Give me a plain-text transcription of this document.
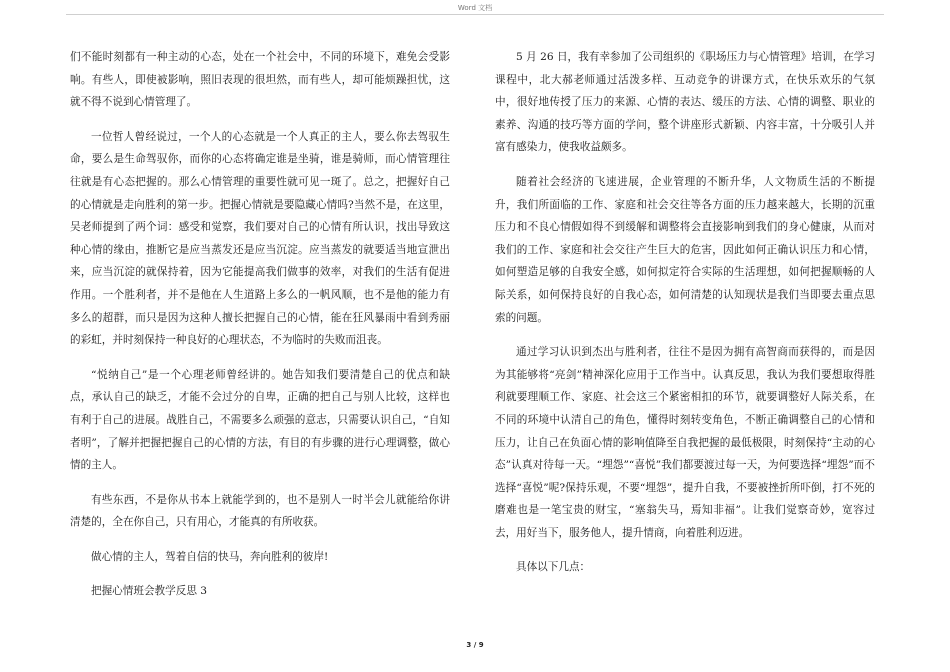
Word 文档

们不能时刻都有一种主动的心态，处在一个社会中，不同的环境下，难免会受影响。有些人，即使被影响，照旧表现的很坦然，而有些人，却可能烦躁担忧，这就不得不说到心情管理了。

一位哲人曾经说过，一个人的心态就是一个人真正的主人，要么你去驾驭生命，要么是生命驾驭你，而你的心态将确定谁是坐骑，谁是骑师，而心情管理往往就是有心态把握的。那么心情管理的重要性就可见一斑了。总之，把握好自己的心情就是走向胜利的第一步。把握心情就是要隐藏心情吗?当然不是，在这里，吴老师提到了两个词：感受和觉察，我们要对自己的心情有所认识，找出导致这种心情的缘由，推断它是应当蒸发还是应当沉淀。应当蒸发的就要适当地宣泄出来，应当沉淀的就保持着，因为它能提高我们做事的效率，对我们的生活有促进作用。一个胜利者，并不是他在人生道路上多么的一帆风顺，也不是他的能力有多么的超群，而只是因为这种人擅长把握自己的心情，能在狂风暴雨中看到秀丽的彩虹，并时刻保持一种良好的心理状态，不为临时的失败而沮丧。

“悦纳自己”是一个心理老师曾经讲的。她告知我们要清楚自己的优点和缺点，承认自己的缺乏，才能不会过分的自卑，正确的把自己与别人比较，这样也有利于自己的进展。战胜自己，不需要多么顽强的意志，只需要认识自己，“自知者明”，了解并把握把握自己的心情的方法，有目的有步骤的进行心理调整，做心情的主人。

有些东西，不是你从书本上就能学到的，也不是别人一时半会儿就能给你讲清楚的，全在你自己，只有用心，才能真的有所收获。

做心情的主人，驾着自信的快马，奔向胜利的彼岸!

把握心情班会教学反思 3

5 月 26 日，我有幸参加了公司组织的《职场压力与心情管理》培训，在学习课程中，北大郝老师通过活泼多样、互动竞争的讲课方式，在快乐欢乐的气氛中，很好地传授了压力的来源、心情的表达、缓压的方法、心情的调整、职业的素养、沟通的技巧等方面的学问，整个讲座形式新颖、内容丰富，十分吸引人并富有感染力，使我收益颇多。

随着社会经济的飞速进展，企业管理的不断升华，人文物质生活的不断提升，我们所面临的工作、家庭和社会交往等各方面的压力越来越大，长期的沉重压力和不良心情假如得不到缓解和调整将会直接影响到我们的身心健康，从而对我们的工作、家庭和社会交往产生巨大的危害，因此如何正确认识压力和心情，如何塑造足够的自我安全感，如何拟定符合实际的生活理想，如何把握顺畅的人际关系，如何保持良好的自我心态，如何清楚的认知现状是我们当即要去重点思索的问题。

通过学习认识到杰出与胜利者，往往不是因为拥有高智商而获得的，而是因为其能够将“亮剑”精神深化应用于工作当中。认真反思，我认为我们要想取得胜利就要理顺工作、家庭、社会这三个紧密相扣的环节，就要调整好人际关系，在不同的环境中认清自己的角色，懂得时刻转变角色，不断正确调整自己的心情和压力，让自己在负面心情的影响值降至自我把握的最低极限，时刻保持“主动的心态”认真对待每一天。“埋怨”“喜悦”我们都要渡过每一天，为何要选择“埋怨”而不选择“喜悦”呢?保持乐观，不要“埋怨”，提升自我，不要被挫折所吓倒，打不死的磨难也是一笔宝贵的财宝，“塞翁失马，焉知非福”。让我们觉察奇妙，宽容过去，用好当下，服务他人，提升情商，向着胜利迈进。

具体以下几点：

3 / 9
